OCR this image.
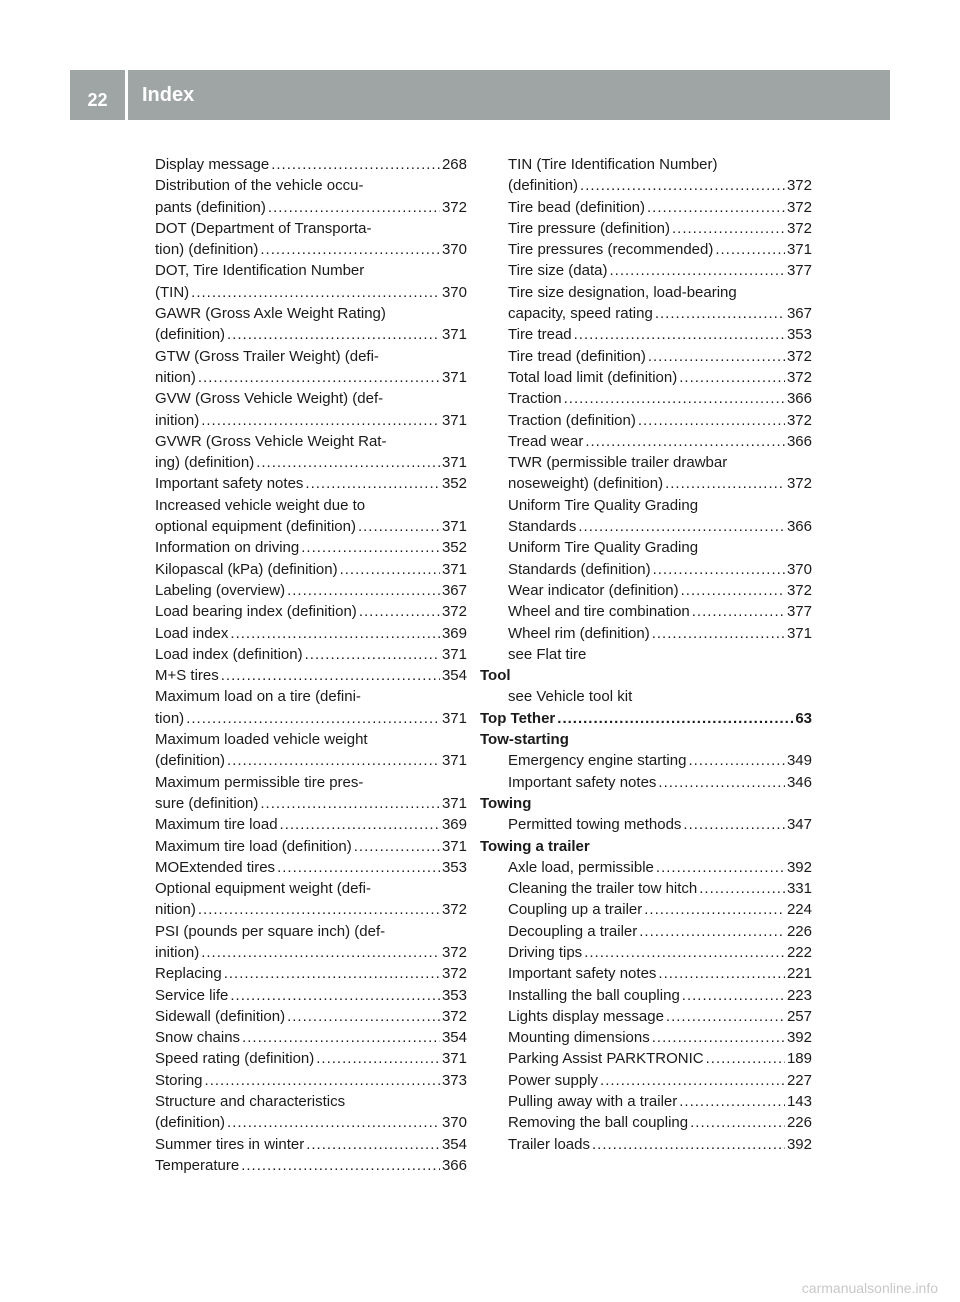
22	Index
Display message .....	268
Distribution of the vehicle occu-
pants (definition) .....	372
DOT (Department of Transporta-
tion) (definition) .....	370
DOT, Tire Identification Number
(TIN) .....	370
GAWR (Gross Axle Weight Rating)
(definition) .....	371
GTW (Gross Trailer Weight) (defi-
nition) .....	371
GVW (Gross Vehicle Weight) (def-
inition) .....	371
GVWR (Gross Vehicle Weight Rat-
ing) (definition) .....	371
Important safety notes .....	352
Increased vehicle weight due to
optional equipment (definition) .....	371
Information on driving .....	352
Kilopascal (kPa) (definition) .....	371
Labeling (overview) .....	367
Load bearing index (definition) .....	372
Load index .....	369
Load index (definition) .....	371
M+S tires .....	354
Maximum load on a tire (defini-
tion) .....	371
Maximum loaded vehicle weight
(definition) .....	371
Maximum permissible tire pres-
sure (definition) .....	371
Maximum tire load .....	369
Maximum tire load (definition) .....	371
MOExtended tires .....	353
Optional equipment weight (defi-
nition) .....	372
PSI (pounds per square inch) (def-
inition) .....	372
Replacing .....	372
Service life .....	353
Sidewall (definition) .....	372
Snow chains .....	354
Speed rating (definition) .....	371
Storing .....	373
Structure and characteristics
(definition) .....	370
Summer tires in winter .....	354
Temperature .....	366
TIN (Tire Identification Number)
(definition) .....	372
Tire bead (definition) .....	372
Tire pressure (definition) .....	372
Tire pressures (recommended) .....	371
Tire size (data) .....	377
Tire size designation, load-bearing
capacity, speed rating .....	367
Tire tread .....	353
Tire tread (definition) .....	372
Total load limit (definition) .....	372
Traction .....	366
Traction (definition) .....	372
Tread wear .....	366
TWR (permissible trailer drawbar
noseweight) (definition) .....	372
Uniform Tire Quality Grading
Standards .....	366
Uniform Tire Quality Grading
Standards (definition) .....	370
Wear indicator (definition) .....	372
Wheel and tire combination .....	377
Wheel rim (definition) .....	371
see Flat tire
Tool
see Vehicle tool kit
Top Tether .....	63
Tow-starting
Emergency engine starting .....	349
Important safety notes .....	346
Towing
Permitted towing methods .....	347
Towing a trailer
Axle load, permissible .....	392
Cleaning the trailer tow hitch .....	331
Coupling up a trailer .....	224
Decoupling a trailer .....	226
Driving tips .....	222
Important safety notes .....	221
Installing the ball coupling .....	223
Lights display message .....	257
Mounting dimensions .....	392
Parking Assist PARKTRONIC .....	189
Power supply .....	227
Pulling away with a trailer .....	143
Removing the ball coupling .....	226
Trailer loads .....	392
carmanualsonline.info
